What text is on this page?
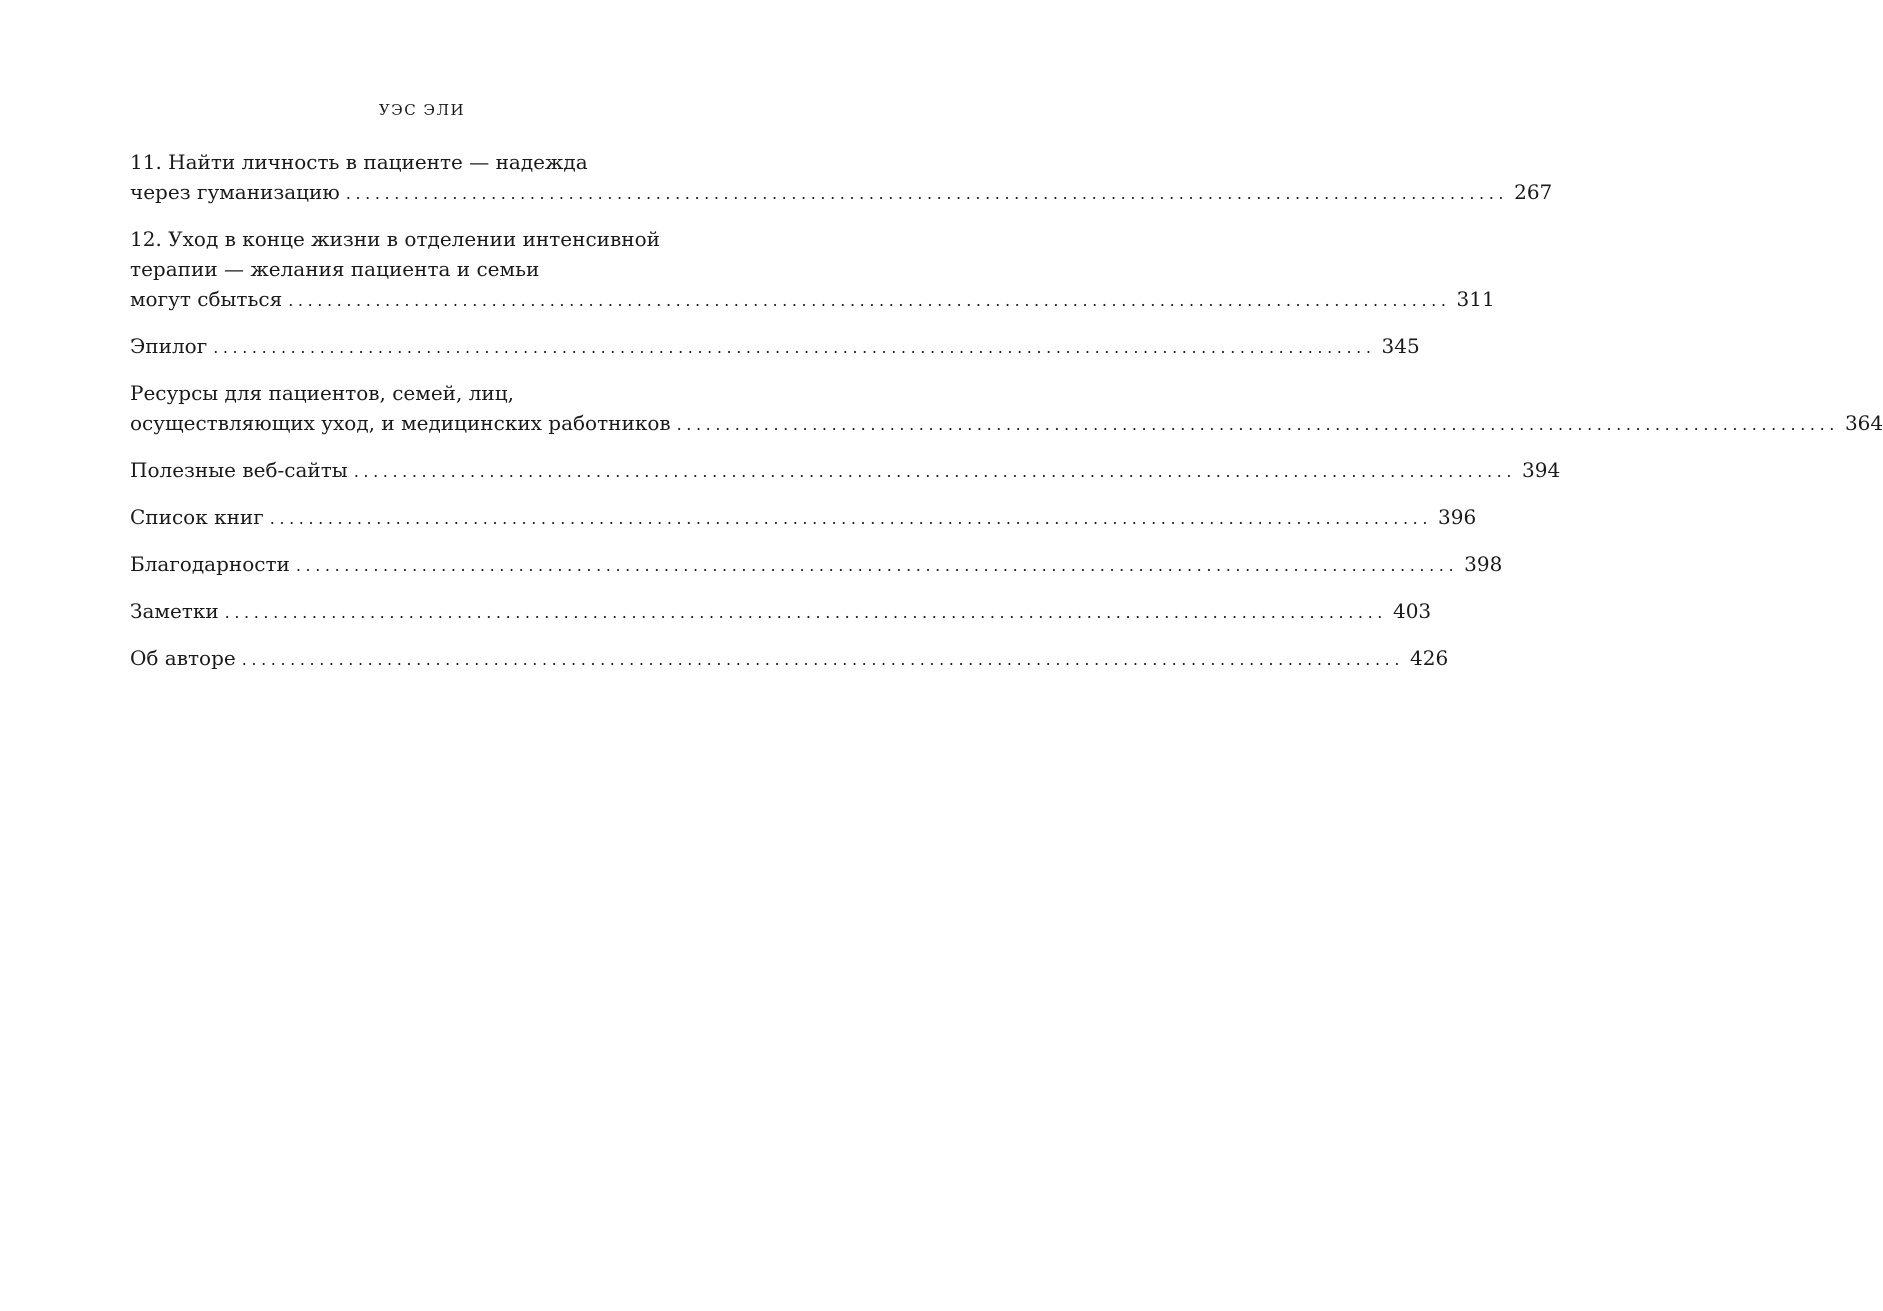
УЭС ЭЛИ
11. Найти личность в пациенте — надежда
через гуманизацию ........................................................................................................................ 267
12. Уход в конце жизни в отделении интенсивной
терапии — желания пациента и семьи
могут сбыться ........................................................................................................................ 311
Эпилог ........................................................................................................................ 345
Ресурсы для пациентов, семей, лиц,
осуществляющих уход, и медицинских работников ........................................................................................................................ 364
Полезные веб-сайты ........................................................................................................................ 394
Список книг ........................................................................................................................ 396
Благодарности ........................................................................................................................ 398
Заметки ........................................................................................................................ 403
Об авторе ........................................................................................................................ 426
